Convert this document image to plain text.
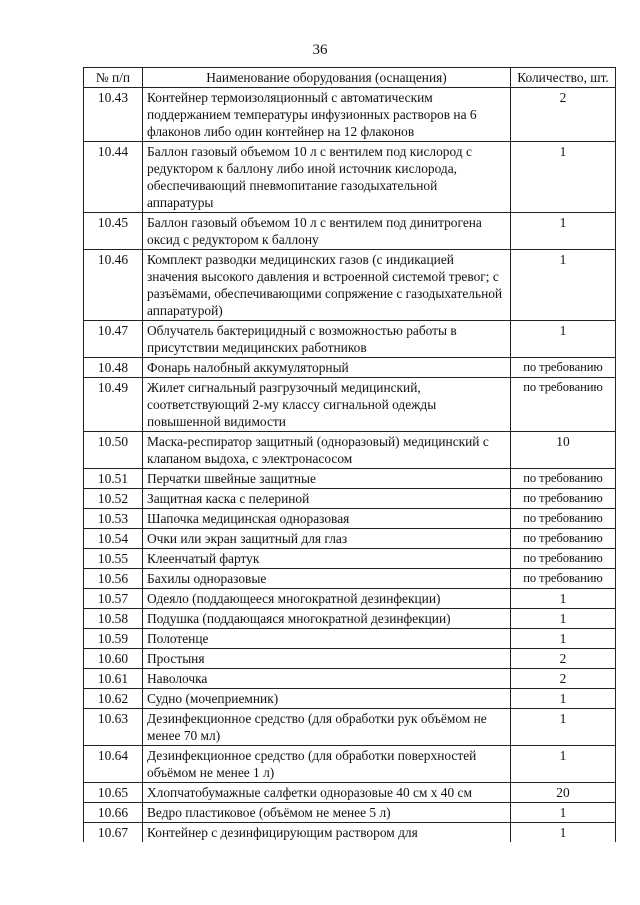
36
№ п/п	Наименование оборудования (оснащения)	Количество, шт.
10.43	Контейнер термоизоляционный с автоматическим поддержанием температуры инфузионных растворов на 6 флаконов либо один контейнер на 12 флаконов	2
10.44	Баллон газовый объемом 10 л с вентилем под кислород с редуктором к баллону либо иной источник кислорода, обеспечивающий пневмопитание газодыхательной аппаратуры	1
10.45	Баллон газовый объемом 10 л с вентилем под динитрогена оксид с редуктором к баллону	1
10.46	Комплект разводки медицинских газов (с индикацией значения высокого давления и встроенной системой тревог; с разъёмами, обеспечивающими сопряжение с газодыхательной аппаратурой)	1
10.47	Облучатель бактерицидный с возможностью работы в присутствии медицинских работников	1
10.48	Фонарь налобный аккумуляторный	по требованию
10.49	Жилет сигнальный разгрузочный медицинский, соответствующий 2-му классу сигнальной одежды повышенной видимости	по требованию
10.50	Маска-респиратор защитный (одноразовый) медицинский с клапаном выдоха, с электронасосом	10
10.51	Перчатки швейные защитные	по требованию
10.52	Защитная каска с пелериной	по требованию
10.53	Шапочка медицинская одноразовая	по требованию
10.54	Очки или экран защитный для глаз	по требованию
10.55	Клеенчатый фартук	по требованию
10.56	Бахилы одноразовые	по требованию
10.57	Одеяло (поддающееся многократной дезинфекции)	1
10.58	Подушка (поддающаяся многократной дезинфекции)	1
10.59	Полотенце	1
10.60	Простыня	2
10.61	Наволочка	2
10.62	Судно (мочеприемник)	1
10.63	Дезинфекционное средство (для обработки рук объёмом не менее 70 мл)	1
10.64	Дезинфекционное средство (для обработки поверхностей объёмом не менее 1 л)	1
10.65	Хлопчатобумажные салфетки одноразовые 40 см х 40 см	20
10.66	Ведро пластиковое (объёмом не менее 5 л)	1
10.67	Контейнер с дезинфицирующим раствором для	1
